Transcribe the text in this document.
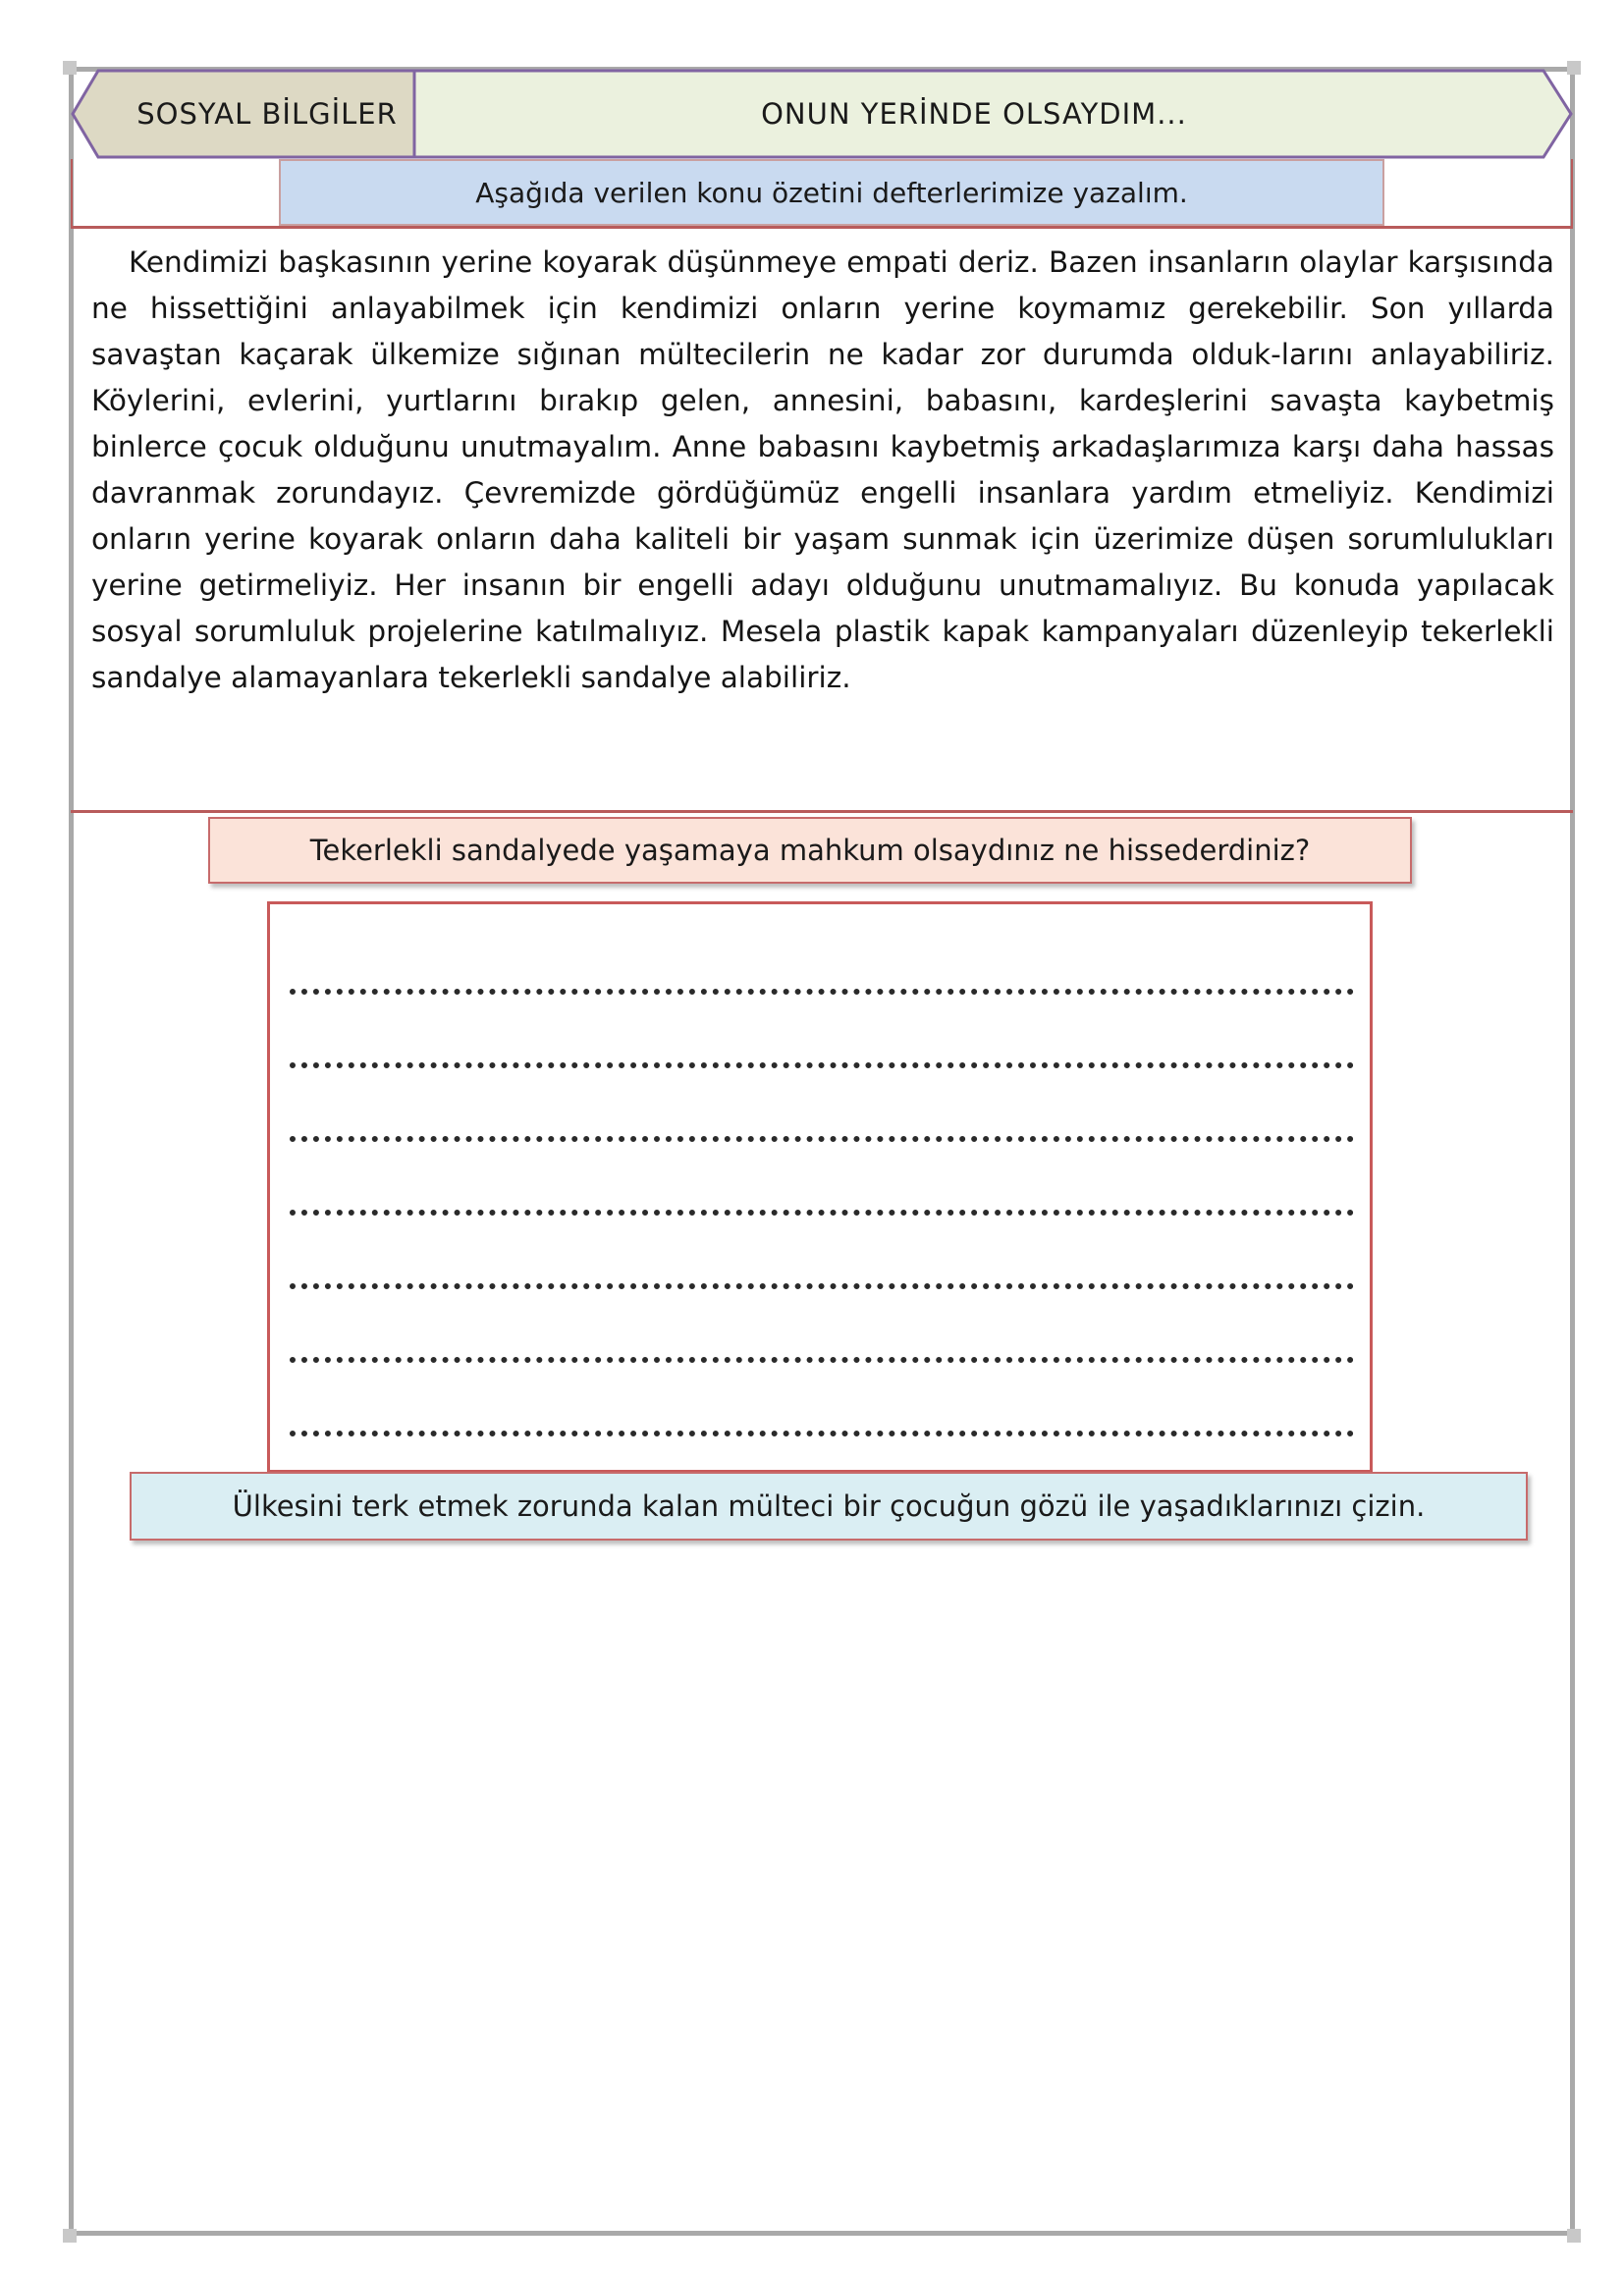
SOSYAL BİLGİLER	ONUN YERİNDE OLSAYDIM...
Aşağıda verilen konu özetini defterlerimize yazalım.

Kendimizi başkasının yerine koyarak düşünmeye empati deriz. Bazen insanların olaylar karşısında ne hissettiğini anlayabilmek için kendimizi onların yerine koymamız gerekebilir. Son yıllarda savaştan kaçarak ülkemize sığınan mültecilerin ne kadar zor durumda olduk-larını anlayabiliriz. Köylerini, evlerini, yurtlarını bırakıp gelen, annesini, babasını, kardeşlerini savaşta kaybetmiş binlerce çocuk olduğunu unutmayalım. Anne babasını kaybetmiş arkadaşlarımıza karşı daha hassas davranmak zorundayız. Çevremizde gördüğümüz engelli insanlara yardım etmeliyiz. Kendimizi onların yerine koyarak onların daha kaliteli bir yaşam sunmak için üzerimize düşen sorumlulukları yerine getirmeliyiz. Her insanın bir engelli adayı olduğunu unutmamalıyız. Bu konuda yapılacak sosyal sorumluluk projelerine katılmalıyız. Mesela plastik kapak kampanyaları düzenleyip tekerlekli sandalye alamayanlara tekerlekli sandalye alabiliriz.

Tekerlekli sandalyede yaşamaya mahkum olsaydınız ne hissederdiniz?
Ülkesini terk etmek zorunda kalan mülteci bir çocuğun gözü ile yaşadıklarınızı çizin.
